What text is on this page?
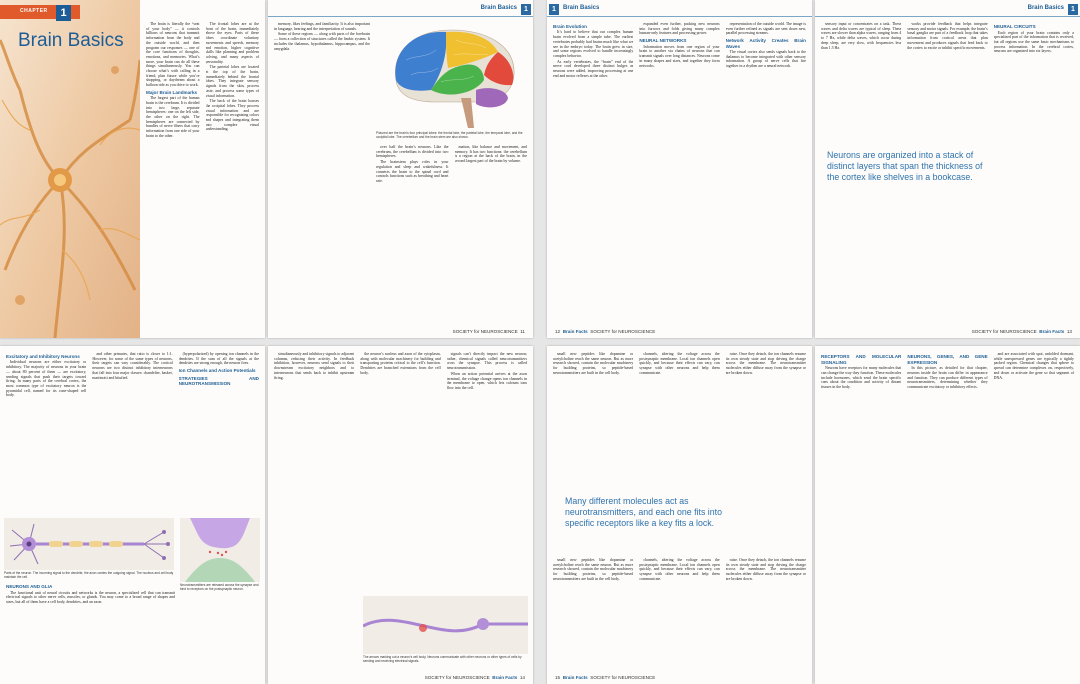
CHAPTER	1
Brain Basics

The brain is literally the “seat of your body” — it controls billions of neurons that transmit information from the body and the outside world, and then program our responses — one of the core functions of thoughts, emotions, and memories. What’s more, your brain can do all these things simultaneously. You can choose what’s with calling in a friend, plan future while you’re shopping, or daydream about a balloon ride as you drive to work.

Major Brain Landmarks

The largest part of the human brain is the cerebrum. It is divided into two large, separate hemispheres: one on the left side, the other on the right. The hemispheres are connected by bundles of nerve fibers that carry information from one side of your brain to the other.

The frontal lobes are at the front of the brain, immediately above the eyes. Parts of these lobes coordinate voluntary movements and speech, memory and emotion, higher cognitive skills like planning and problem solving, and many aspects of personality.

The parietal lobes are located at the top of the brain, immediately behind the frontal lobes. They integrate sensory signals from the skin, process taste, and process some types of visual information.

The back of the brain houses the occipital lobes. They process visual information and are responsible for recognizing colors and shapes and integrating them into complex visual understanding.

Brain Basics	1
Pictured are the brain’s four principal lobes: the frontal lobe, the parietal lobe, the temporal lobe, and the occipital lobe. The cerebellum and the brain stem are also shown.

memory, likes feelings, and familiarity. It is also important in language, hearing and the interpretation of sounds.

Some of these regions — along with parts of the forebrain — form a collection of structures called the limbic system. It includes the thalamus, hypothalamus, hippocampus, and the amygdala.

over half the brain’s neurons. Like the cerebrum, the cerebellum is divided into two hemispheres.

The brainstem plays roles in your regulation and sleep and wakefulness. It connects the brain to the spinal cord and controls functions such as breathing and heart rate.

mation, like balance and movement, and memory. It has two functions: the cerebellum is a region at the back of the brain, in the second largest part of the brain by volume.

SOCIETY for NEUROSCIENCE 11
Brain Basics
1
Brain Evolution

It’s hard to believe that our complex human brain evolved from a simple tube. The earliest vertebrates probably had brains much like what we see in the embryo today. The brain grew in size, and some regions evolved to handle increasingly complex behavior.

As early vertebrates, the “brain” end of the nerve cord developed three distinct bulges as neurons were added, improving processing at one end and motor reflexes at the other.

expanded even further, packing new neurons into furrows and folds giving many complex human-only features and processing power.

NEURAL NETWORKS

Information moves from one region of your brain to another via chains of neurons that can transmit signals over long distances. Neurons come in many shapes and sizes, and together they form networks.

representation of the outside world. The image is even further refined as signals are sent down new, parallel processing streams.

Network Activity Creates Brain Waves

The visual cortex also sends signals back to the thalamus to become integrated with other sensory information. A group of nerve cells that fire together in a rhythm are a neural network.

12 Brain Facts SOCIETY for NEUROSCIENCE
Brain Basics	1

sensory input or concentrates on a task. These waves and delta waves are typical of sleep. Theta waves are slower than alpha waves, ranging from 4 to 7 Hz, while delta waves, which occur during deep sleep, are very slow, with frequencies less than 1.5 Hz.

works provide feedback that helps integrate sensory and motor signals. For example, the brain’s basal ganglia are part of a feedback loop that takes information from cortical areas that plan movement and produces signals that feed back to the cortex to excite or inhibit specific movements.

NEURAL CIRCUITS

Each region of your brain contains only a specialized part of the information that is received, but all regions use the same basic mechanisms to process information. In the cerebral cortex, neurons are organized into six layers.

Neurons are organized into a stack of distinct layers that span the thickness of the cortex like shelves in a bookcase.

SOCIETY for NEUROSCIENCE Brain Facts 13
Excitatory and Inhibitory Neurons

Individual neurons are either excitatory or inhibitory. The majority of neurons in your brain — about 80 percent of them — are excitatory, sending signals that push their targets toward firing. In many parts of the cerebral cortex, the most common type of excitatory neuron is the pyramidal cell, named for its cone-shaped cell body.

and other primates, that ratio is closer to 1:1. However, for some of the same types of neurons, their targets can vary considerably. The cortical neurons are two distinct inhibitory interneurons that fall into four major classes: chandelier, basket, martinotti and bitufted.

(hyperpolarized) by opening ion channels in the dendrites. If the sum of all the signals at the dendrites are strong enough, the neuron fires.

Ion Channels and Action Potentials
STRATEGIES AND NEUROTRANSMISSION
Parts of the neuron. The incoming signal to the dendrite, the axon carries the outgoing signal. The nucleus and cell body maintain the cell.
NEURONS AND GLIA

The functional unit of neural circuits and networks is the neuron, a specialized cell that can transmit electrical signals to other nerve cells, muscles, or glands. You may come to a broad range of shapes and sizes, but all of them have a cell body, dendrites, and an axon.

Neurotransmitters are released across the synapse and bind to receptors on the postsynaptic neuron.

simultaneously and inhibitory signals to adjacent columns, reducing their activity. In feedback inhibition, however, neurons send signals to their downstream excitatory neighbors and to interneurons that sends back to inhibit upstream firing.

the neuron’s nucleus and axon of the cytoplasm, along with molecular machinery for building and transporting proteins critical to the cell’s function. Dendrites are branched extensions from the cell body.

signals can’t directly impact the new neuron; rather, chemical signals called neurotransmitters cross the synapse. This process is called neurotransmission.

When an action potential arrives at the axon terminal, the voltage change opens ion channels in the membrane to open, which lets calcium ions flow into the cell.

The arrows marking out a neuron’s cell body. Neurons communicate with other neurons or other types of cells by sending and receiving electrical signals.
SOCIETY for NEUROSCIENCE Brain Facts 14

small new peptides like dopamine or acetylcholine reach the same neuron. But as more research showed, contain the molecular machinery for building proteins, so peptide-based neurotransmitters are built in the cell body.

channels, altering the voltage across the postsynaptic membrane. Local ion channels open quickly, and because their effects can vary, can synapse with other neurons and help them communicate.

raise. Once they detach, the ion channels resume its own steady state and stop driving the charge across the membrane. The neurotransmitter molecules either diffuse away from the synapse or are broken down.

Many different molecules act as neurotransmitters, and each one fits into specific receptors like a key fits a lock.

small new peptides like dopamine or acetylcholine reach the same neuron. But as more research showed, contain the molecular machinery for building proteins, so peptide-based neurotransmitters are built in the cell body.

channels, altering the voltage across the postsynaptic membrane. Local ion channels open quickly, and because their effects can vary, can synapse with other neurons and help them communicate.

raise. Once they detach, the ion channels resume its own steady state and stop driving the charge across the membrane. The neurotransmitter molecules either diffuse away from the synapse or are broken down.

15 Brain Facts SOCIETY for NEUROSCIENCE
RECEPTORS AND MOLECULAR SIGNALING

Neurons have receptors for many molecules that can change the way they function. These molecules include hormones, which send the brain specific cues about the condition and activity of distant tissues in the body.

NEURONS, GENES, AND GENE EXPRESSION

In this picture, as detailed for that chapter, neurons inside the brain can differ in appearance and function. They can produce different types of neurotransmitters, determining whether they communicate excitatory or inhibitory effects.

and are associated with spot, unfolded dormant, while unexpressed genes are typically a tightly packed region. Chemical changes that sphere to spread can determine complexes on, respectively, and down or activate the gene so that segment of DNA.
